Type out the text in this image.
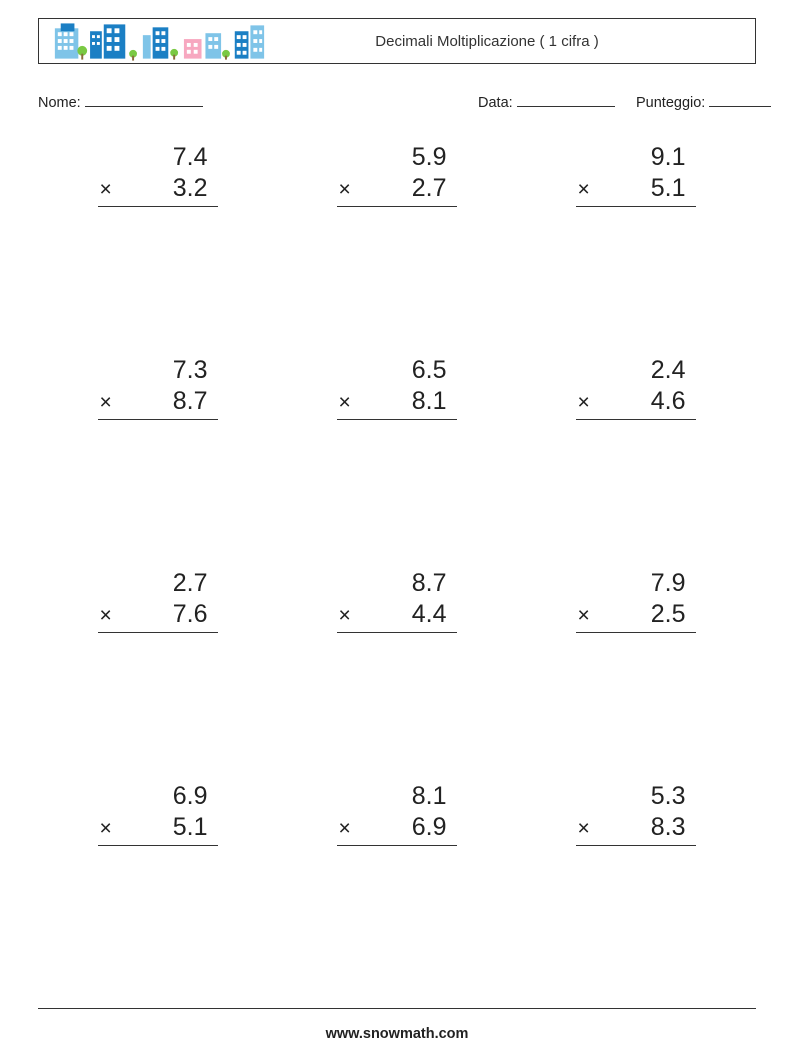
Decimali Moltiplicazione ( 1 cifra )
Nome:	Data:	Punteggio:
7.4
× 3.2
5.9
× 2.7
9.1
× 5.1
7.3
× 8.7
6.5
× 8.1
2.4
× 4.6
2.7
× 7.6
8.7
× 4.4
7.9
× 2.5
6.9
× 5.1
8.1
× 6.9
5.3
× 8.3
www.snowmath.com
